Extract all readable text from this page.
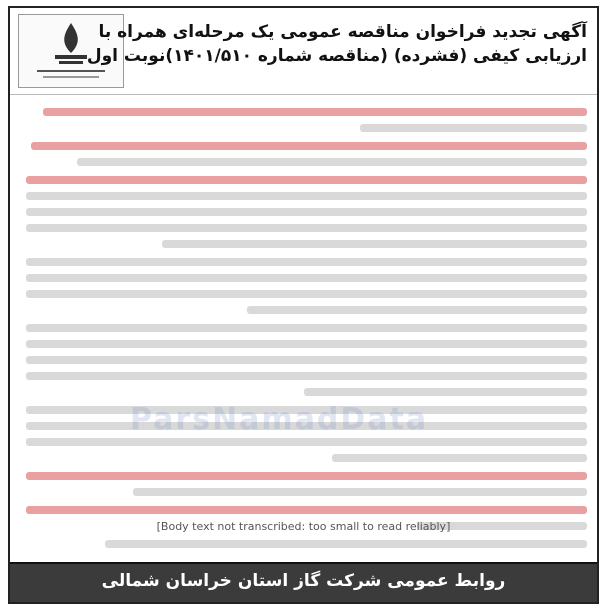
آگهی تجدید فراخوان مناقصه عمومی یک مرحله‌ای همراه با
ارزیابی کیفی (فشرده) (مناقصه شماره ۱۴۰۱/۵۱۰)نوبت اول
ParsNamadData
[Body text not transcribed: too small to read reliably]
روابط عمومی شرکت گاز استان خراسان شمالی
